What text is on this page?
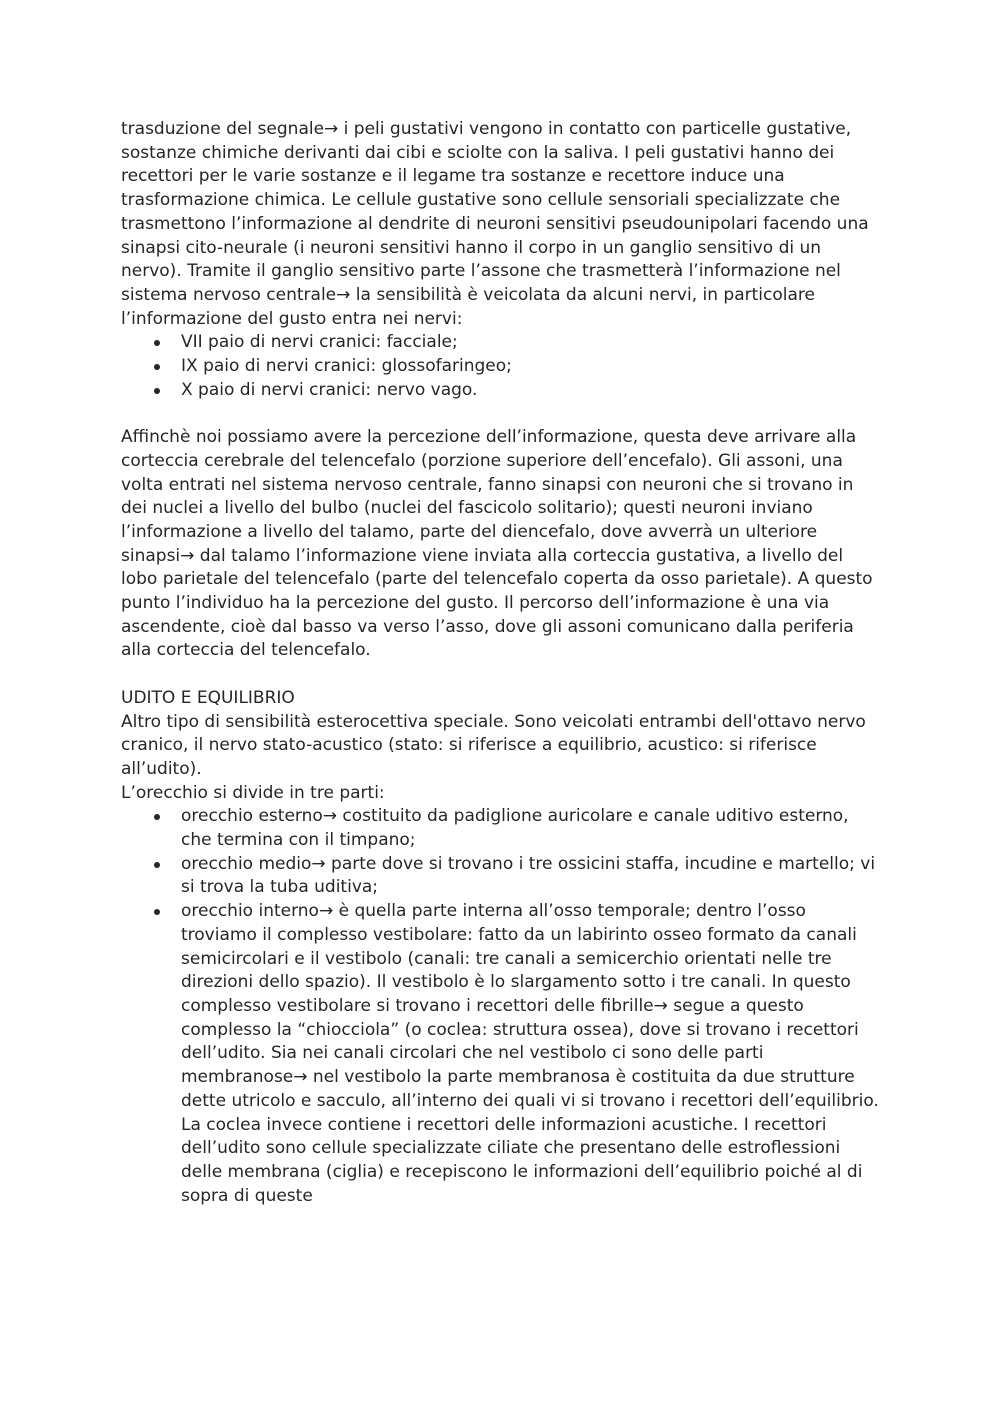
trasduzione del segnale→ i peli gustativi vengono in contatto con particelle gustative, sostanze chimiche derivanti dai cibi e sciolte con la saliva. I peli gustativi hanno dei recettori per le varie sostanze e il legame tra sostanze e recettore induce una trasformazione chimica. Le cellule gustative sono cellule sensoriali specializzate che trasmettono l’informazione al dendrite di neuroni sensitivi pseudounipolari facendo una sinapsi cito-neurale (i neuroni sensitivi hanno il corpo in un ganglio sensitivo di un nervo). Tramite il ganglio sensitivo parte l’assone che trasmetterà l’informazione nel sistema nervoso centrale→ la sensibilità è veicolata da alcuni nervi, in particolare l’informazione del gusto entra nei nervi:

VII paio di nervi cranici: facciale;
IX paio di nervi cranici: glossofaringeo;
X paio di nervi cranici: nervo vago.

Affinchè noi possiamo avere la percezione dell’informazione, questa deve arrivare alla corteccia cerebrale del telencefalo (porzione superiore dell’encefalo). Gli assoni, una volta entrati nel sistema nervoso centrale, fanno sinapsi con neuroni che si trovano in dei nuclei a livello del bulbo (nuclei del fascicolo solitario); questi neuroni inviano l’informazione a livello del talamo, parte del diencefalo, dove avverrà un ulteriore sinapsi→ dal talamo l’informazione viene inviata alla corteccia gustativa, a livello del lobo parietale del telencefalo (parte del telencefalo coperta da osso parietale). A questo punto l’individuo ha la percezione del gusto. Il percorso dell’informazione è una via ascendente, cioè dal basso va verso l’asso, dove gli assoni comunicano dalla periferia alla corteccia del telencefalo.

UDITO E EQUILIBRIO

Altro tipo di sensibilità esterocettiva speciale. Sono veicolati entrambi dell'ottavo nervo cranico, il nervo stato-acustico (stato: si riferisce a equilibrio, acustico: si riferisce all’udito).

L’orecchio si divide in tre parti:

orecchio esterno→ costituito da padiglione auricolare e canale uditivo esterno, che termina con il timpano;
orecchio medio→ parte dove si trovano i tre ossicini staffa, incudine e martello; vi si trova la tuba uditiva;
orecchio interno→ è quella parte interna all’osso temporale; dentro l’osso troviamo il complesso vestibolare: fatto da un labirinto osseo formato da canali semicircolari e il vestibolo (canali: tre canali a semicerchio orientati nelle tre direzioni dello spazio). Il vestibolo è lo slargamento sotto i tre canali. In questo complesso vestibolare si trovano i recettori delle fibrille→ segue a questo complesso la “chiocciola” (o coclea: struttura ossea), dove si trovano i recettori dell’udito. Sia nei canali circolari che nel vestibolo ci sono delle parti membranose→ nel vestibolo la parte membranosa è costituita da due strutture dette utricolo e sacculo, all’interno dei quali vi si trovano i recettori dell’equilibrio. La coclea invece contiene i recettori delle informazioni acustiche. I recettori dell’udito sono cellule specializzate ciliate che presentano delle estroflessioni delle membrana (ciglia) e recepiscono le informazioni dell’equilibrio poiché al di sopra di queste
